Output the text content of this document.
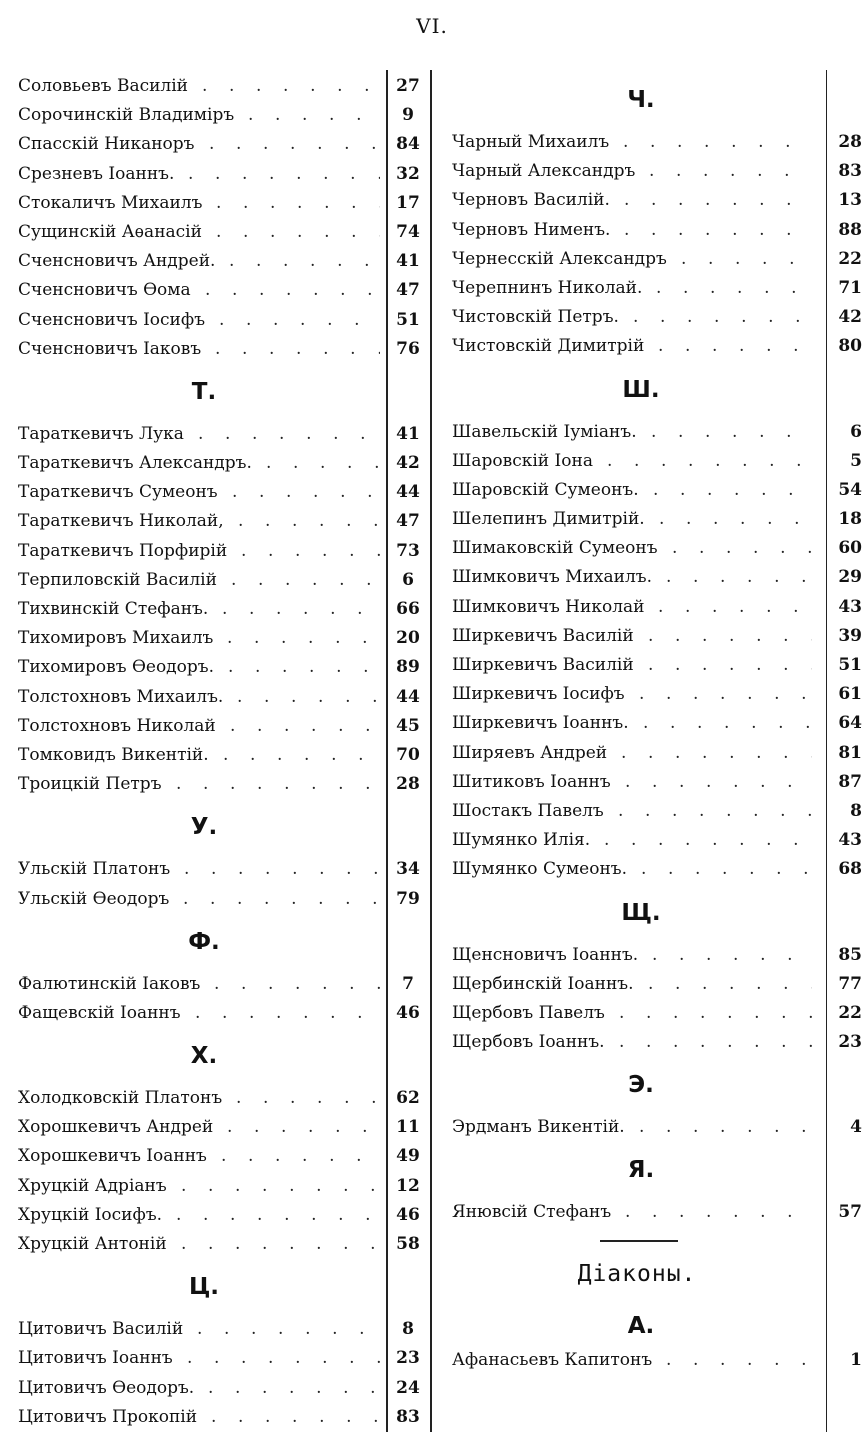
VI.
.
Соловьевъ Василій	27
.
Сорочинскій Владиміръ	9
.
Спасскій Никаноръ	84
.
Срезневъ Іоаннъ.	32
.
Стокаличъ Михаилъ	17
.
Сущинскій Аѳанасій	74
.
Сченсновичъ Андрей.	41
.
Сченсновичъ Ѳома	47
.
Сченсновичъ Іосифъ	51
.
Сченсновичъ Іаковъ	76
Т.
.
Тараткевичъ Лука	41
.
Тараткевичъ Александръ.	42
.
Тараткевичъ Сумеонъ	44
.
Тараткевичъ Николай,	47
.
Тараткевичъ Порфирій	73
.
Терпиловскій Василій	6
.
Тихвинскій Стефанъ.	66
.
Тихомировъ Михаилъ	20
.
Тихомировъ Ѳеодоръ.	89
.
Толстохновъ Михаилъ.	44
.
Толстохновъ Николай	45
.
Томковидъ Викентій.	70
.
Троицкій Петръ	28
У.
.
Ульскій Платонъ	34
.
Ульскій Ѳеодоръ	79
Ф.
.
Фалютинскій Іаковъ	7
.
Фащевскій Іоаннъ	46
Х.
.
Холодковскій Платонъ	62
.
Хорошкевичъ Андрей	11
.
Хорошкевичъ Іоаннъ	49
.
Хруцкій Адріанъ	12
.
Хруцкій Іосифъ.	46
.
Хруцкій Антоній	58
Ц.
.
Цитовичъ Василій	8
.
Цитовичъ Іоаннъ	23
.
Цитовичъ Ѳеодоръ.	24
.
Цитовичъ Прокопій	83
Ч.
.
Чарный Михаилъ	28
.
Чарный Александръ	83
.
Черновъ Василій.	13
.
Черновъ Нименъ.	88
.
Чернесскій Александръ	22
.
Черепнинъ Николай.	71
.
Чистовскій Петръ.	42
.
Чистовскій Димитрій	80
Ш.
.
Шавельскій Іуміанъ.	6
.
Шаровскій Іона	5
.
Шаровскій Сумеонъ.	54
.
Шелепинъ Димитрій.	18
.
Шимаковскій Сумеонъ	60
.
Шимковичъ Михаилъ.	29
.
Шимковичъ Николай	43
.
Ширкевичъ Василій	39
.
Ширкевичъ Василій	51
.
Ширкевичъ Іосифъ	61
.
Ширкевичъ Іоаннъ.	64
.
Шиpяевъ Андрей	81
.
Шитиковъ Іоаннъ	87
.
Шостакъ Павелъ	8
.
Шумянко Илія.	43
.
Шумянко Сумеонъ.	68
Щ.
.
Щенсновичъ Іоаннъ.	85
.
Щербинскій Іоаннъ.	77
.
Щербовъ Павелъ	22
.
Щербовъ Іоаннъ.	23
Э.
.
Эрдманъ Викентій.	4
Я.
.
Янювсій Стефанъ	57
Діаконы.
А.
.
Афанасьевъ Капитонъ	1
